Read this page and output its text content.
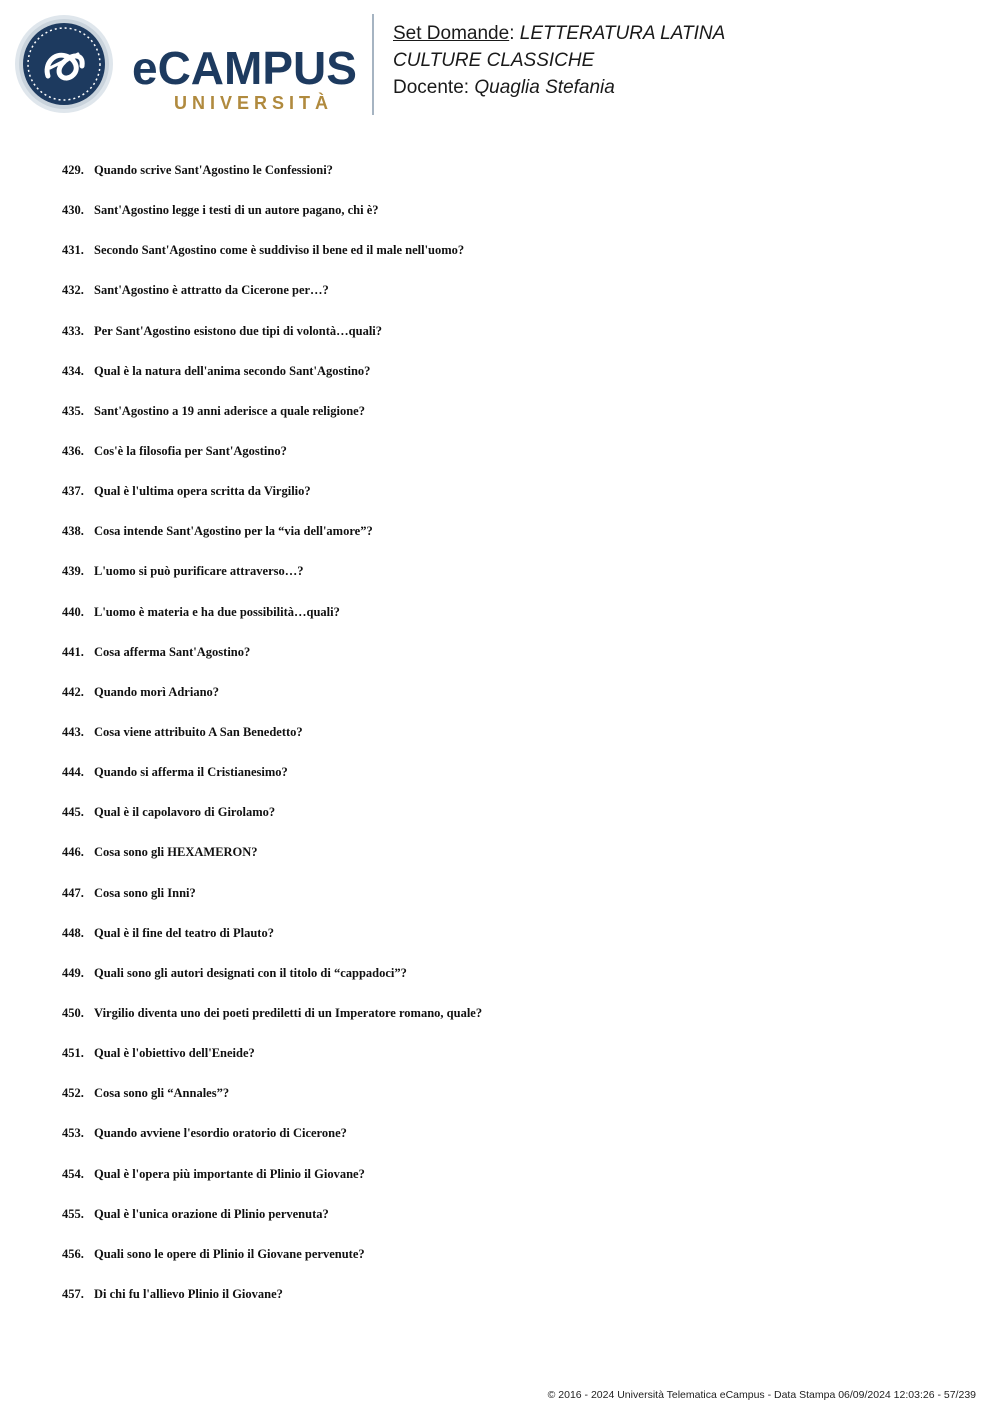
eCAMPUS
UNIVERSITÀ
Set Domande: LETTERATURA LATINA
CULTURE CLASSICHE
Docente: Quaglia Stefania
429. Quando scrive Sant'Agostino le Confessioni?
430. Sant'Agostino legge i testi di un autore pagano, chi è?
431. Secondo Sant'Agostino come è suddiviso il bene ed il male nell'uomo?
432. Sant'Agostino è attratto da Cicerone per…?
433. Per Sant'Agostino esistono due tipi di volontà…quali?
434. Qual è la natura dell'anima secondo Sant'Agostino?
435. Sant'Agostino a 19 anni aderisce a quale religione?
436. Cos'è la filosofia per Sant'Agostino?
437. Qual è l'ultima opera scritta da Virgilio?
438. Cosa intende Sant'Agostino per la “via dell'amore”?
439. L'uomo si può purificare attraverso…?
440. L'uomo è materia e ha due possibilità…quali?
441. Cosa afferma Sant'Agostino?
442. Quando morì Adriano?
443. Cosa viene attribuito A San Benedetto?
444. Quando si afferma il Cristianesimo?
445. Qual è il capolavoro di Girolamo?
446. Cosa sono gli HEXAMERON?
447. Cosa sono gli Inni?
448. Qual è il fine del teatro di Plauto?
449. Quali sono gli autori designati con il titolo di “cappadoci”?
450. Virgilio diventa uno dei poeti prediletti di un Imperatore romano, quale?
451. Qual è l'obiettivo dell'Eneide?
452. Cosa sono gli “Annales”?
453. Quando avviene l'esordio oratorio di Cicerone?
454. Qual è l'opera più importante di Plinio il Giovane?
455. Qual è l'unica orazione di Plinio pervenuta?
456. Quali sono le opere di Plinio il Giovane pervenute?
457. Di chi fu l'allievo Plinio il Giovane?
© 2016 - 2024 Università Telematica eCampus - Data Stampa 06/09/2024 12:03:26 - 57/239
